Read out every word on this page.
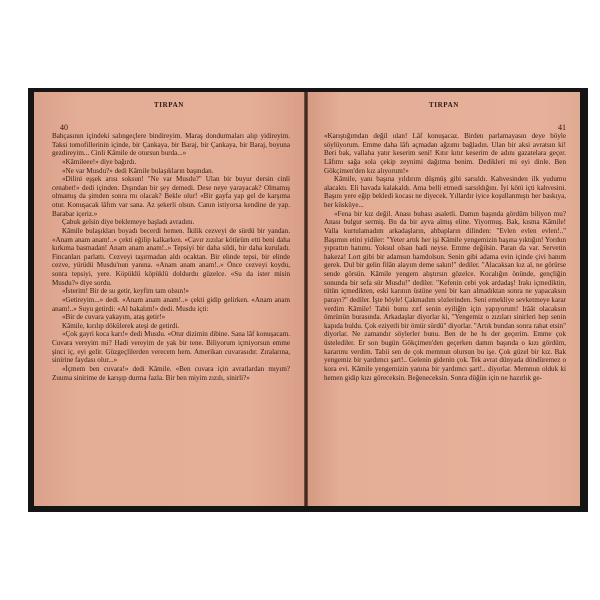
TIRPAN
40

Bahçasının içindeki salıngeçlere bindireyim. Maraş dondurmaları alıp yidireyim. Taksi tomofillerinin içinde, bir Çankaya, bir Baraj, bir Çankaya, bir Baraj, boyuna gezdireyim... Cinli Kâmile de otursun burda...»

«Kâmileee!» diye bağırdı.

«Ne var Musdu?» dedi Kâmile bulaşıkların başından.

«Dilini eşşek arısı soksun! "Ne var Musdu?" Ulan bir buyur dersin cinli cenabet!» dedi içinden. Dışından bir şey demedi. Dese neye yarayacak? Olmamış olmamış da şimden sonra mı olacak? Bekle olur! «Bir gayfa yap gel de karşıma otur. Konuşacak lâfım var sana. Az şekerli olsun. Canın istiyorsa kendine de yap. Barabar içeriz.»

Çabuk gelsin diye beklemeye başladı avradını.

Kâmile bulaşıkları boyadı becerdi hemen. İkilik cezveyi de sürdü bir yandan. «Anam anam anam!..» çekti eğilip kalkarken. «Cavır zızılar kötürüm etti beni daha kırkıma basmadan! Anam anam anam!..» Tepsiyi bir daha sildi, bir daha kuruladı. Fincanları parlattı. Cezveyi taşırmadan aldı ocaktan. Bir elinde tepsi, bir elinde cezve, yürüdü Musdu'nun yanına. «Anam anam anam!..» Önce cezveyi koydu, sonra tepsiyi, yere. Köpüklü köpüklü doldurdu güzelce. «Su da ister misin Musdu?» diye sordu.

«İsterim! Bir de su getir, keyfim tam olsun!»

«Getireyim...» dedi. «Anam anam anam!..» çekti gidip gelirken. «Anam anam anam!..» Suyu getirdi: «Al bakalım!» dedi. Musdu içti:

«Bir de cuvara yakayım, ataş getir!»

Kâmile, kırılıp dökülerek ateşi de getirdi.

«Çok gayri koca karı!» dedi Musdu. «Otur dizimin dibine. Sana lâf konuşacam. Cuvara vereyim mi? Hadi vereyim de yak bir tene. Biliyorum içmiyorsun emme şinci iç, eyi gelir. Güzgeçlilerden verecem hem. Amerikan cuvarasıdır. Zıralarına, sinirine faydası olur...»

«İçmem ben cuvara!» dedi Kâmile. «Ben cuvara için avratlardan mıyım? Zuuma sinirime de karışıp durma fazla. Bir ben miyim zızılı, sinirli?»

TIRPAN
41

«Karıştığımdan değil ulan! Lâf konuşacaz. Birden parlamayasın deye böyle söylüyorum. Emme daha lâfı açmadan ağzımı bağladın. Ulan bir aksi avratsın ki! Beri bak, vallaha yatır keserim seni! Kıtır kıtır keserim de adını gazatelara geçer. Lâfımı sağa sola çekip zeynimi dağıtma benim. Dedikleri mi eyi dinle. Ben Gökçimen'den kız alıyorum!»

Kâmile, yanı başına yıldırım düşmüş gibi sarsıldı. Kahvesinden ilk yudumu alacaktı. Eli havada kalakaldı. Ama belli etmedi sarsıldığını. İyi kötü içti kahvesini. Başını yere eğip bekledi kocası ne diyecek. Yıllardır iyice koşullanmıştı her baskıya, her küsküye...

«Fena bir kız değil. Anası bubası asaletli. Damın başında gördüm biliyon mu? Anası bulgur sermiş. Bu da bir ayva almış eline. Yiyormuş. Bak, kısma Kâmile! Valla kurtulamadım arkadaşların, ahbapların dilinden: "Evlen evlen evlen!.." Başımın etini yidiler: "Yeter artık her işi Kâmile yengemizin başına yıktığın! Yordun yıprattın hatunu. Yoksul olsan hadi neyse. Emme değilsin. Paran da var. Servetin hakeza! Lort gibi bir adamsın hamdolsun. Senin gibi adama evin içinde çivi hanım gerek. Dul bir gelin filân alayım deme sakın!" dediler. "Alacaksan kız al, ne görürse sende görsün. Kâmile yengem alıştırsın gözelce. Kocalığın önünde, gençliğin sonunda bir sefa sür Musdu!" dediler. "Kefenin cebi yok ardadaş! Irakı içmediktin, tütün içmedikten, eski karının üstüne yeni bir karı almadıktan sonra ne yapacaksın parayı?" dediler. İşte böyle! Çakmadım sözlerinden. Seni emekliye sevketmeye karar verdim Kâmile! Tabii bunu zırf senin eyiliğin için yapıyorum! Irâât olacaksın ömrünün burasında. Arkadaşlar diyorlar ki, "Yengemiz o zızıları sinirleri hep senin kapıda buldu. Çok eziyetli bir ömür sürdü" diyorlar. "Artık bundan sonra rahat etsin" diyorlar. Ne zamandır söylerler bunu. Ben de he hı der geçerim. Emme çok üstelediler. Er son bugün Gökçimen'den geçerken damın başında o kızı gördüm, kararımı verdim. Tabii sen de çok memnun olursun bu işe. Çok güzel bir kız. Bak yengemiz bir yardımcı şart!.. Gelenin gidenin çok. Tek avrat dünyada döndüremez o kora evi. Kâmile yengemizin yanına bir yardımcı şart!.. diyorlar. Memnun olduk ki hemen gidip kızı göreceksin. Beğeneceksin. Sonra düğün için ne hazırlık ge-
